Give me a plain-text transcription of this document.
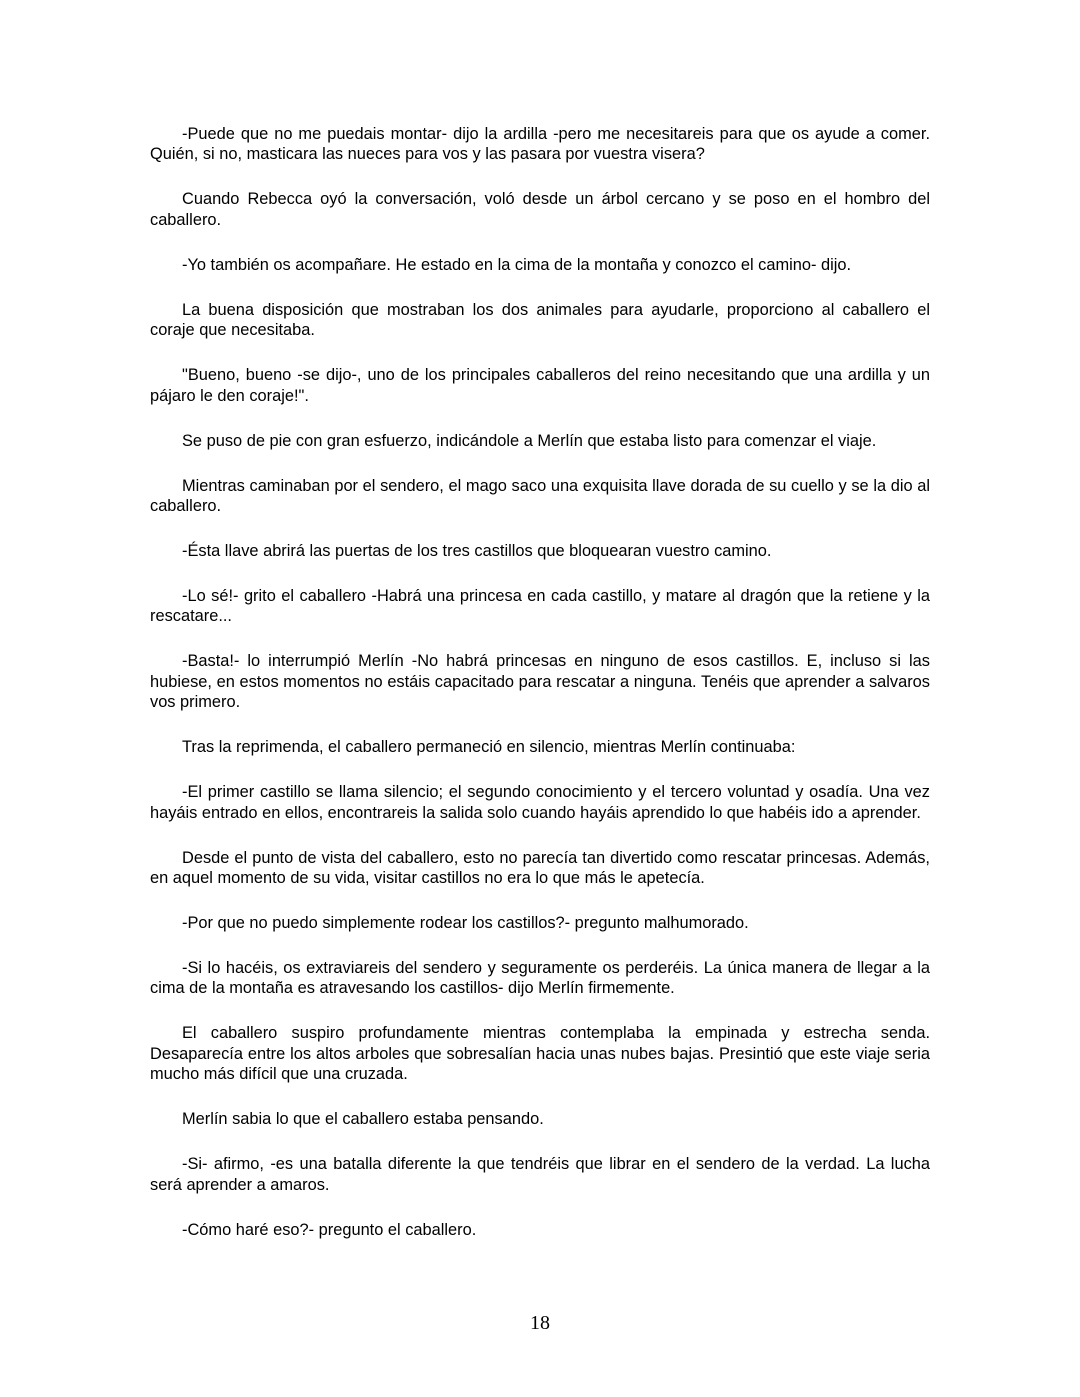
-Puede que no me puedais montar- dijo la ardilla -pero me necesitareis para que os ayude a comer. Quién, si no, masticara las nueces para vos y las pasara por vuestra visera?

Cuando Rebecca oyó la conversación, voló desde un árbol cercano y se poso en el hombro del caballero.

-Yo también os acompañare. He estado en la cima de la montaña y conozco el camino- dijo.

La buena disposición que mostraban los dos animales para ayudarle, proporciono al caballero el coraje que necesitaba.

"Bueno, bueno -se dijo-, uno de los principales caballeros del reino necesitando que una ardilla y un pájaro le den coraje!".

Se puso de pie con gran esfuerzo, indicándole a Merlín que estaba listo para comenzar el viaje.

Mientras caminaban por el sendero, el mago saco una exquisita llave dorada de su cuello y se la dio al caballero.

-Ésta llave abrirá las puertas de los tres castillos que bloquearan vuestro camino.

-Lo sé!- grito el caballero -Habrá una princesa en cada castillo, y matare al dragón que la retiene y la rescatare...

-Basta!- lo interrumpió Merlín -No habrá princesas en ninguno de esos castillos. E, incluso si las hubiese, en estos momentos no estáis capacitado para rescatar a ninguna. Tenéis que aprender a salvaros vos primero.

Tras la reprimenda, el caballero permaneció en silencio, mientras Merlín continuaba:

-El primer castillo se llama silencio; el segundo conocimiento y el tercero voluntad y osadía. Una vez hayáis entrado en ellos, encontrareis la salida solo cuando hayáis aprendido lo que habéis ido a aprender.

Desde el punto de vista del caballero, esto no parecía tan divertido como rescatar princesas. Además, en aquel momento de su vida, visitar castillos no era lo que más le apetecía.

-Por que no puedo simplemente rodear los castillos?- pregunto malhumorado.

-Si lo hacéis, os extraviareis del sendero y seguramente os perderéis. La única manera de llegar a la cima de la montaña es atravesando los castillos- dijo Merlín firmemente.

El caballero suspiro profundamente mientras contemplaba la empinada y estrecha senda. Desaparecía entre los altos arboles que sobresalían hacia unas nubes bajas. Presintió que este viaje seria mucho más difícil que una cruzada.

Merlín sabia lo que el caballero estaba pensando.

-Si- afirmo, -es una batalla diferente la que tendréis que librar en el sendero de la verdad. La lucha será aprender a amaros.

-Cómo haré eso?- pregunto el caballero.

18
